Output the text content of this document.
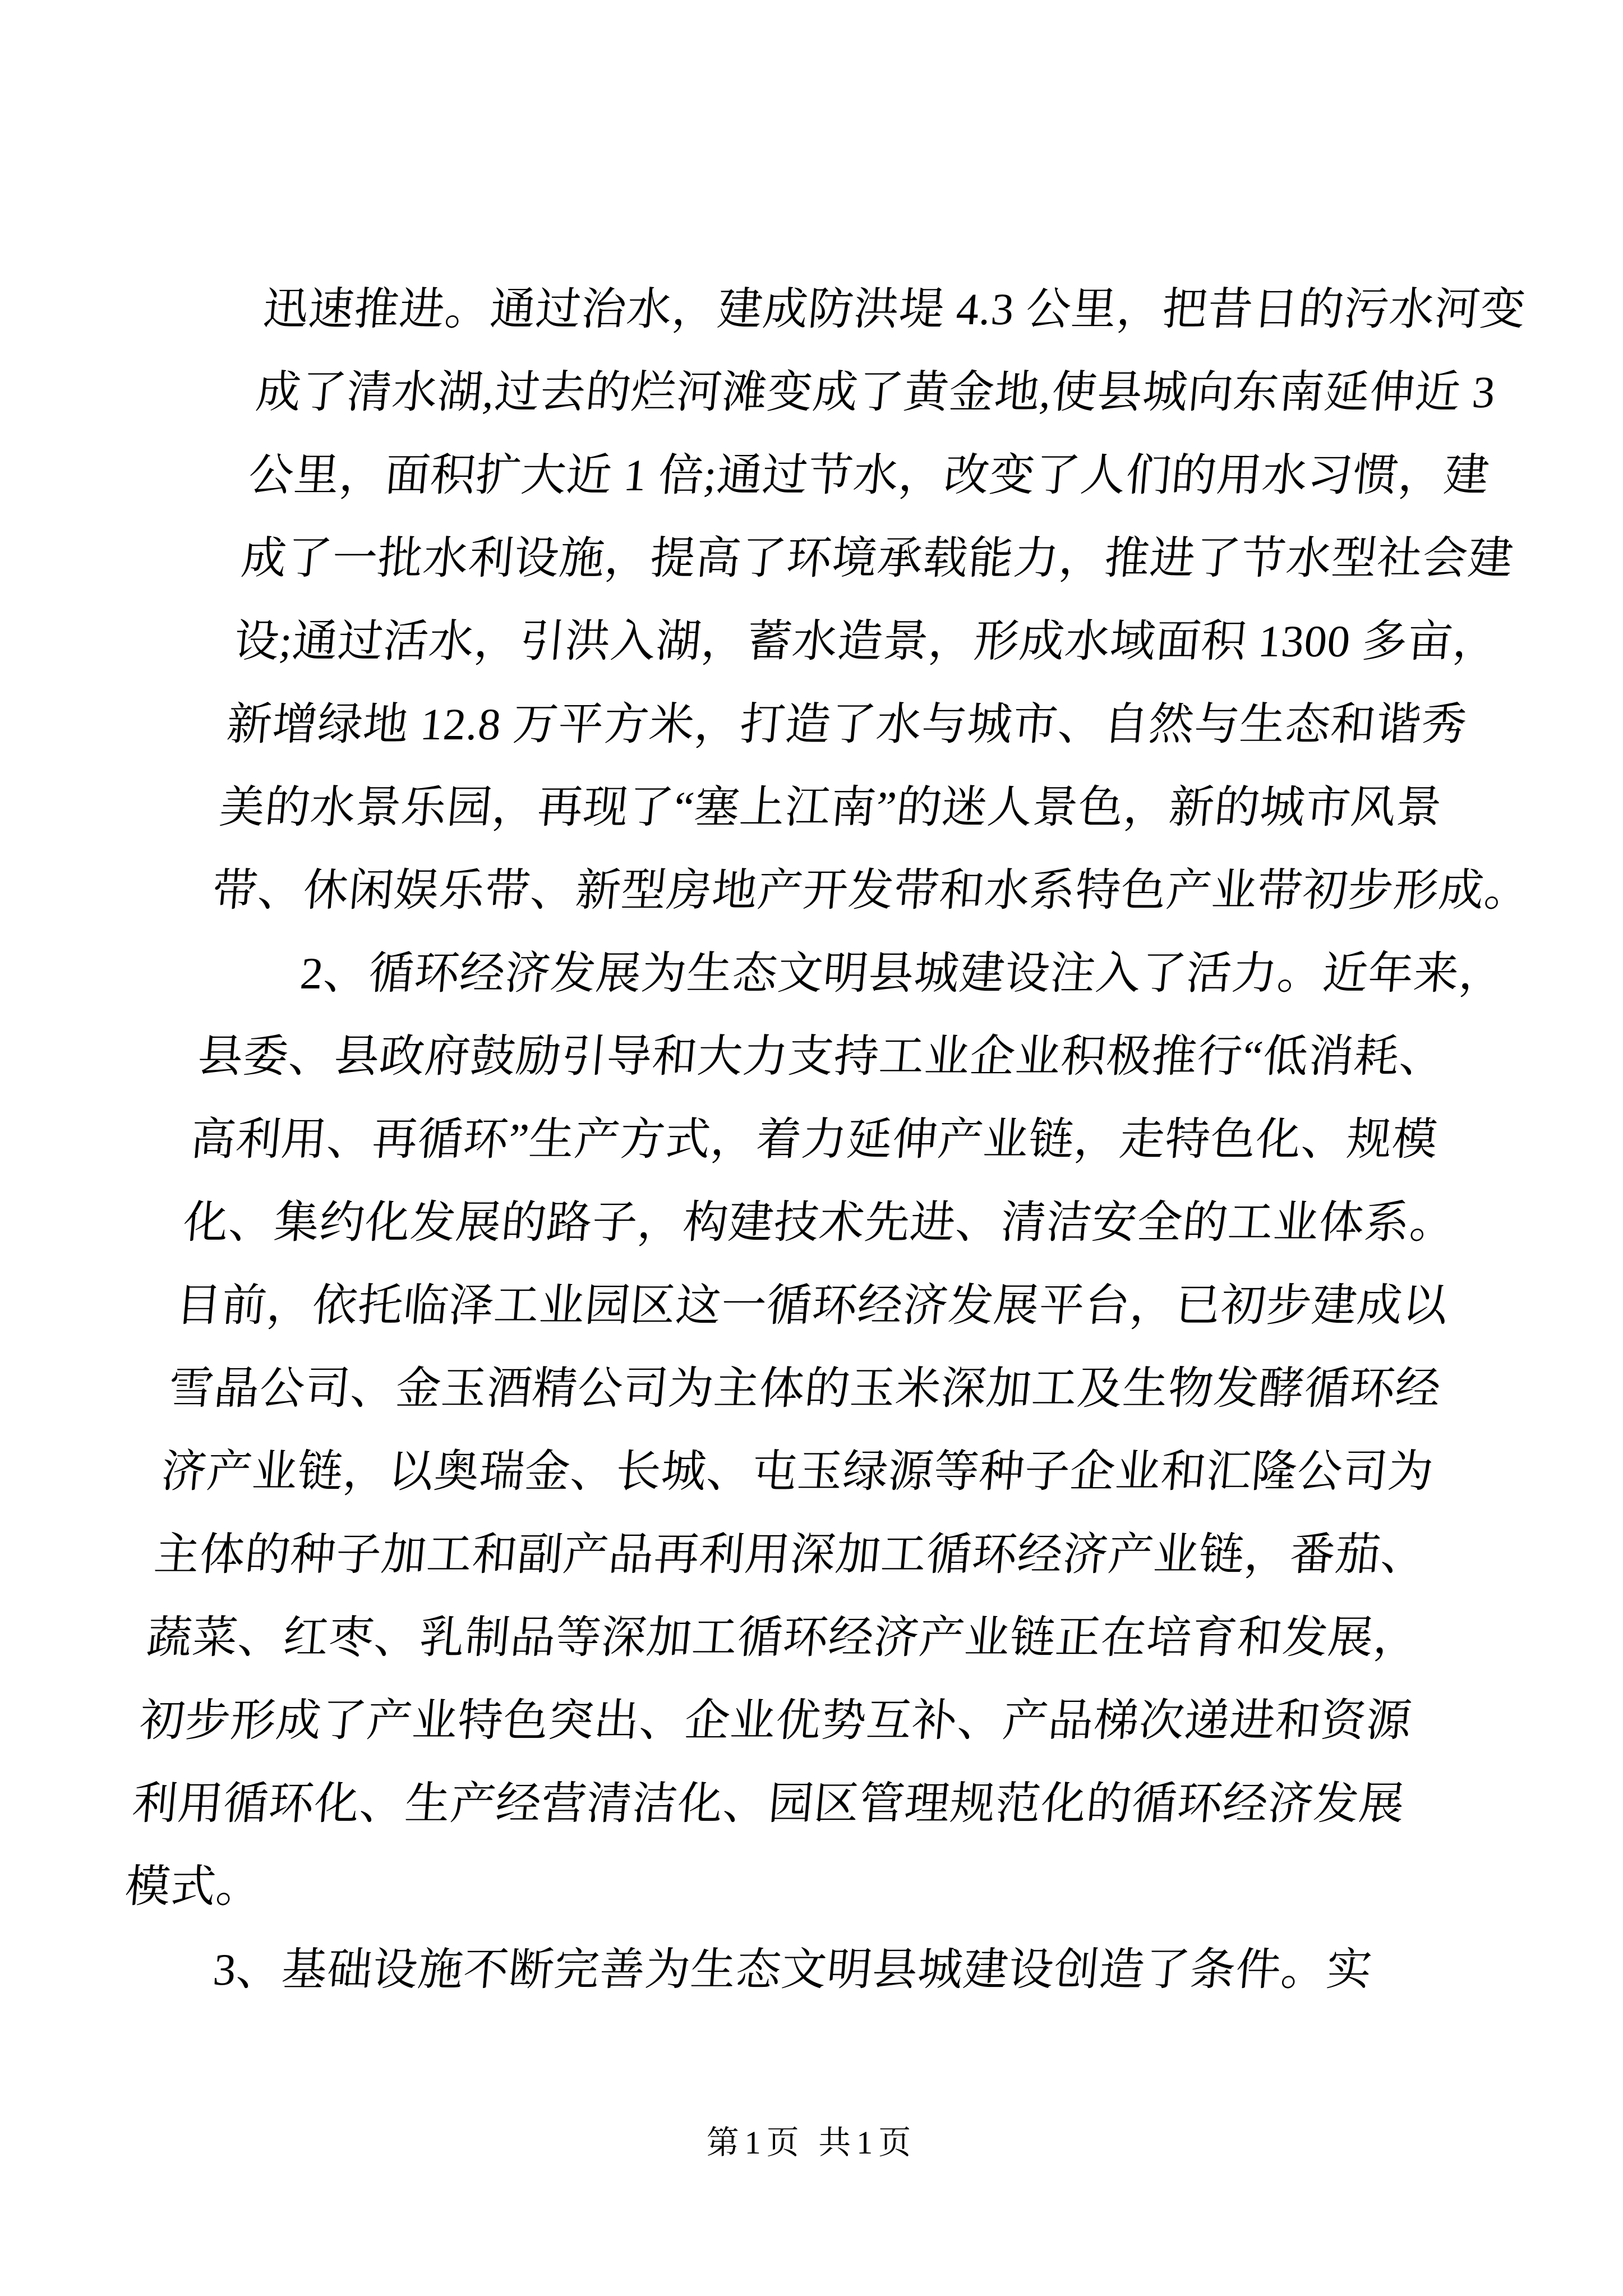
迅速推进。通过治水，建成防洪堤 4.3 公里，把昔日的污水河变
成了清水湖,过去的烂河滩变成了黄金地,使县城向东南延伸近 3
公里，面积扩大近 1 倍;通过节水，改变了人们的用水习惯，建
成了一批水利设施，提高了环境承载能力，推进了节水型社会建
设;通过活水，引洪入湖，蓄水造景，形成水域面积 1300 多亩，
新增绿地 12.8 万平方米，打造了水与城市、自然与生态和谐秀
美的水景乐园，再现了“塞上江南”的迷人景色，新的城市风景
带、休闲娱乐带、新型房地产开发带和水系特色产业带初步形成。
2、循环经济发展为生态文明县城建设注入了活力。近年来，
县委、县政府鼓励引导和大力支持工业企业积极推行“低消耗、
高利用、再循环”生产方式，着力延伸产业链，走特色化、规模
化、集约化发展的路子，构建技术先进、清洁安全的工业体系。
目前，依托临泽工业园区这一循环经济发展平台，已初步建成以
雪晶公司、金玉酒精公司为主体的玉米深加工及生物发酵循环经
济产业链，以奥瑞金、长城、屯玉绿源等种子企业和汇隆公司为
主体的种子加工和副产品再利用深加工循环经济产业链，番茄、
蔬菜、红枣、乳制品等深加工循环经济产业链正在培育和发展，
初步形成了产业特色突出、企业优势互补、产品梯次递进和资源
利用循环化、生产经营清洁化、园区管理规范化的循环经济发展
模式。
3、基础设施不断完善为生态文明县城建设创造了条件。实
第1页 共1页
